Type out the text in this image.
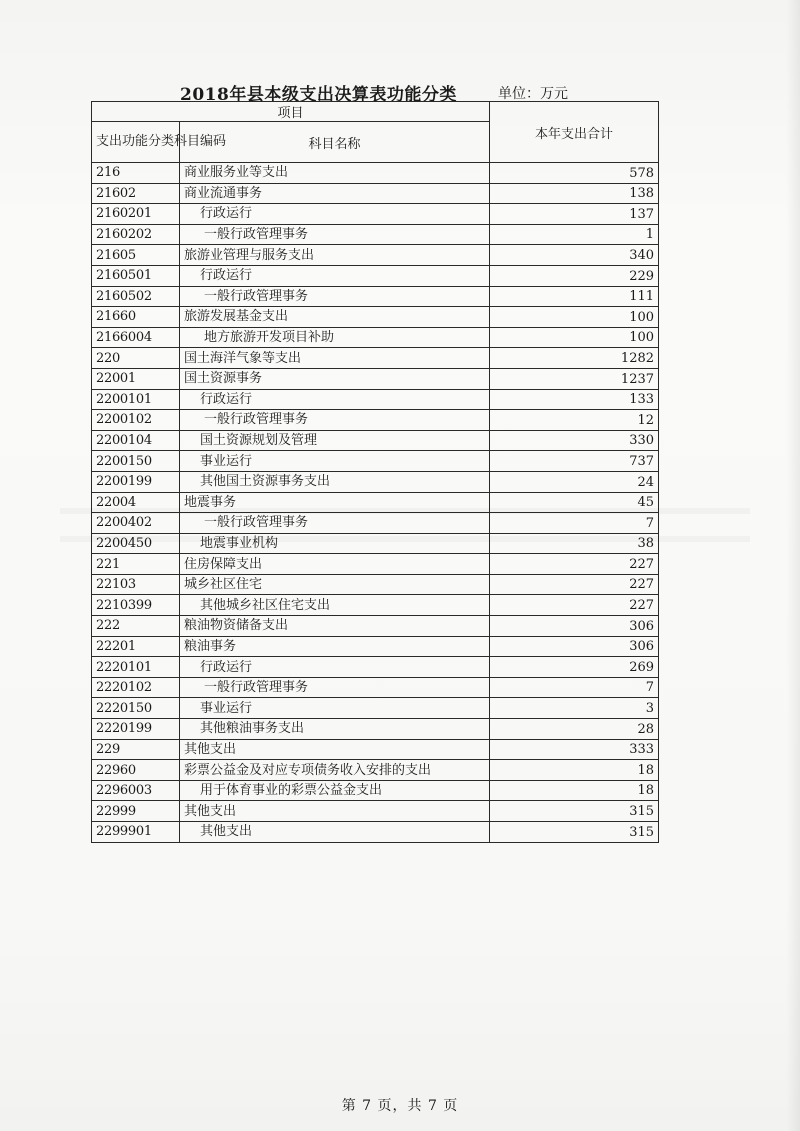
2018年县本级支出决算表功能分类	单位：万元
项目		本年支出合计
支出功能分类科目编码	科目名称	
216	商业服务业等支出	578
21602	商业流通事务	138
2160201	行政运行	137
2160202	一般行政管理事务	1
21605	旅游业管理与服务支出	340
2160501	行政运行	229
2160502	一般行政管理事务	111
21660	旅游发展基金支出	100
2166004	地方旅游开发项目补助	100
220	国土海洋气象等支出	1282
22001	国土资源事务	1237
2200101	行政运行	133
2200102	一般行政管理事务	12
2200104	国土资源规划及管理	330
2200150	事业运行	737
2200199	其他国土资源事务支出	24
22004	地震事务	45
2200402	一般行政管理事务	7
2200450	地震事业机构	38
221	住房保障支出	227
22103	城乡社区住宅	227
2210399	其他城乡社区住宅支出	227
222	粮油物资储备支出	306
22201	粮油事务	306
2220101	行政运行	269
2220102	一般行政管理事务	7
2220150	事业运行	3
2220199	其他粮油事务支出	28
229	其他支出	333
22960	彩票公益金及对应专项债务收入安排的支出	18
2296003	用于体育事业的彩票公益金支出	18
22999	其他支出	315
2299901	其他支出	315
第 7 页，共 7 页
